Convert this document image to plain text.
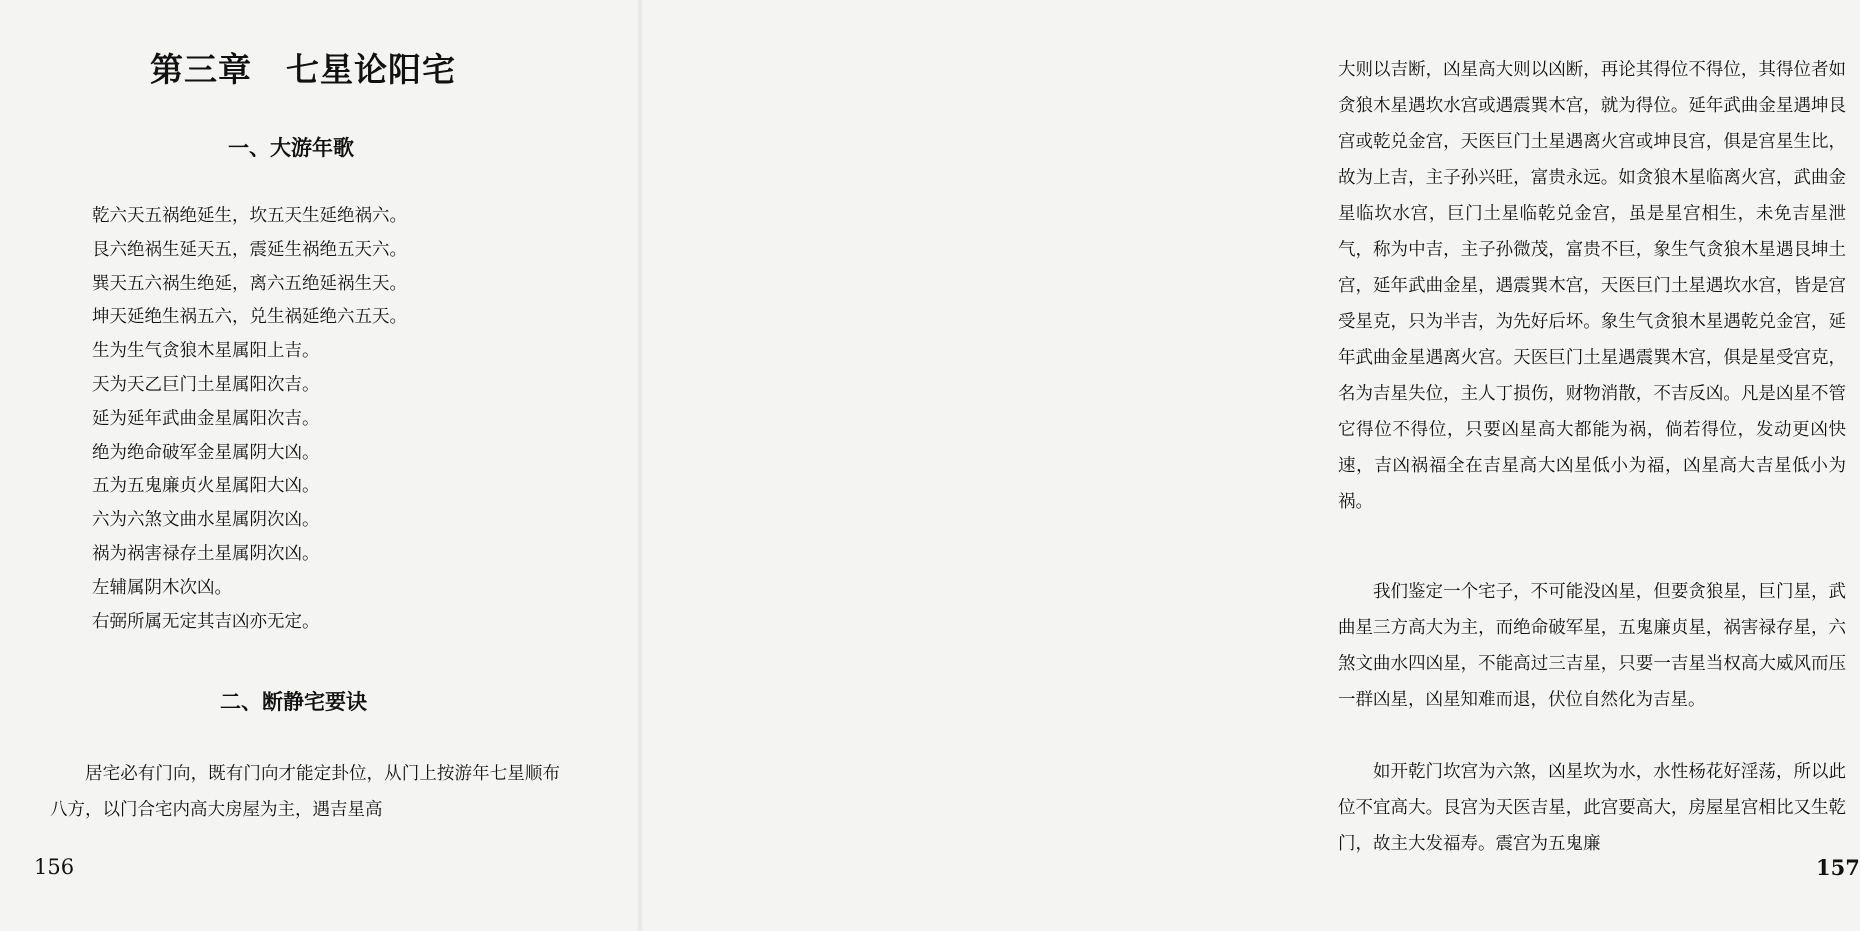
第三章　七星论阳宅
一、大游年歌
乾六天五祸绝延生，坎五天生延绝祸六。
艮六绝祸生延天五，震延生祸绝五天六。
巽天五六祸生绝延，离六五绝延祸生天。
坤天延绝生祸五六，兑生祸延绝六五天。
生为生气贪狼木星属阳上吉。
天为天乙巨门土星属阳次吉。
延为延年武曲金星属阳次吉。
绝为绝命破军金星属阴大凶。
五为五鬼廉贞火星属阳大凶。
六为六煞文曲水星属阴次凶。
祸为祸害禄存土星属阴次凶。
左辅属阴木次凶。
右弼所属无定其吉凶亦无定。
二、断静宅要诀

居宅必有门向，既有门向才能定卦位，从门上按游年七星顺布八方，以门合宅内高大房屋为主，遇吉星高

156

大则以吉断，凶星高大则以凶断，再论其得位不得位，其得位者如贪狼木星遇坎水宫或遇震巽木宫，就为得位。延年武曲金星遇坤艮宫或乾兑金宫，天医巨门土星遇离火宫或坤艮宫，俱是宫星生比，故为上吉，主子孙兴旺，富贵永远。如贪狼木星临离火宫，武曲金星临坎水宫，巨门土星临乾兑金宫，虽是星宫相生，未免吉星泄气，称为中吉，主子孙微茂，富贵不巨，象生气贪狼木星遇艮坤土宫，延年武曲金星，遇震巽木宫，天医巨门土星遇坎水宫，皆是宫受星克，只为半吉，为先好后坏。象生气贪狼木星遇乾兑金宫，延年武曲金星遇离火宫。天医巨门土星遇震巽木宫，俱是星受宫克，名为吉星失位，主人丁损伤，财物消散，不吉反凶。凡是凶星不管它得位不得位，只要凶星高大都能为祸，倘若得位，发动更凶快速，吉凶祸福全在吉星高大凶星低小为福，凶星高大吉星低小为祸。

我们鉴定一个宅子，不可能没凶星，但要贪狼星，巨门星，武曲星三方高大为主，而绝命破军星，五鬼廉贞星，祸害禄存星，六煞文曲水四凶星，不能高过三吉星，只要一吉星当权高大威风而压一群凶星，凶星知难而退，伏位自然化为吉星。

如开乾门坎宫为六煞，凶星坎为水，水性杨花好淫荡，所以此位不宜高大。艮宫为天医吉星，此宫要高大，房屋星宫相比又生乾门，故主大发福寿。震宫为五鬼廉

157
